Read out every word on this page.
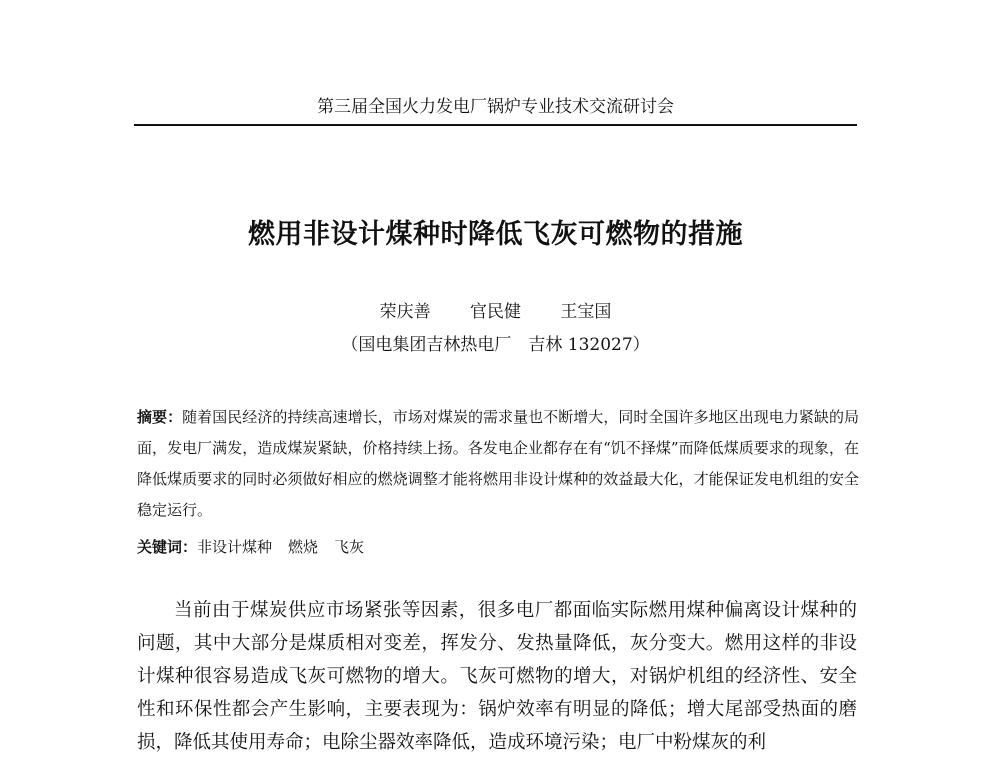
第三届全国火力发电厂锅炉专业技术交流研讨会
燃用非设计煤种时降低飞灰可燃物的措施
荣庆善 官民健 王宝国
（国电集团吉林热电厂　吉林 132027）
摘要：随着国民经济的持续高速增长，市场对煤炭的需求量也不断增大，同时全国许多地区出现电力紧缺的局面，发电厂满发，造成煤炭紧缺，价格持续上扬。各发电企业都存在有“饥不择煤”而降低煤质要求的现象，在降低煤质要求的同时必须做好相应的燃烧调整才能将燃用非设计煤种的效益最大化，才能保证发电机组的安全稳定运行。
关键词：非设计煤种 燃烧 飞灰
当前由于煤炭供应市场紧张等因素，很多电厂都面临实际燃用煤种偏离设计煤种的问题，其中大部分是煤质相对变差，挥发分、发热量降低，灰分变大。燃用这样的非设计煤种很容易造成飞灰可燃物的增大。飞灰可燃物的增大，对锅炉机组的经济性、安全性和环保性都会产生影响，主要表现为：锅炉效率有明显的降低；增大尾部受热面的磨损，降低其使用寿命；电除尘器效率降低，造成环境污染；电厂中粉煤灰的利
